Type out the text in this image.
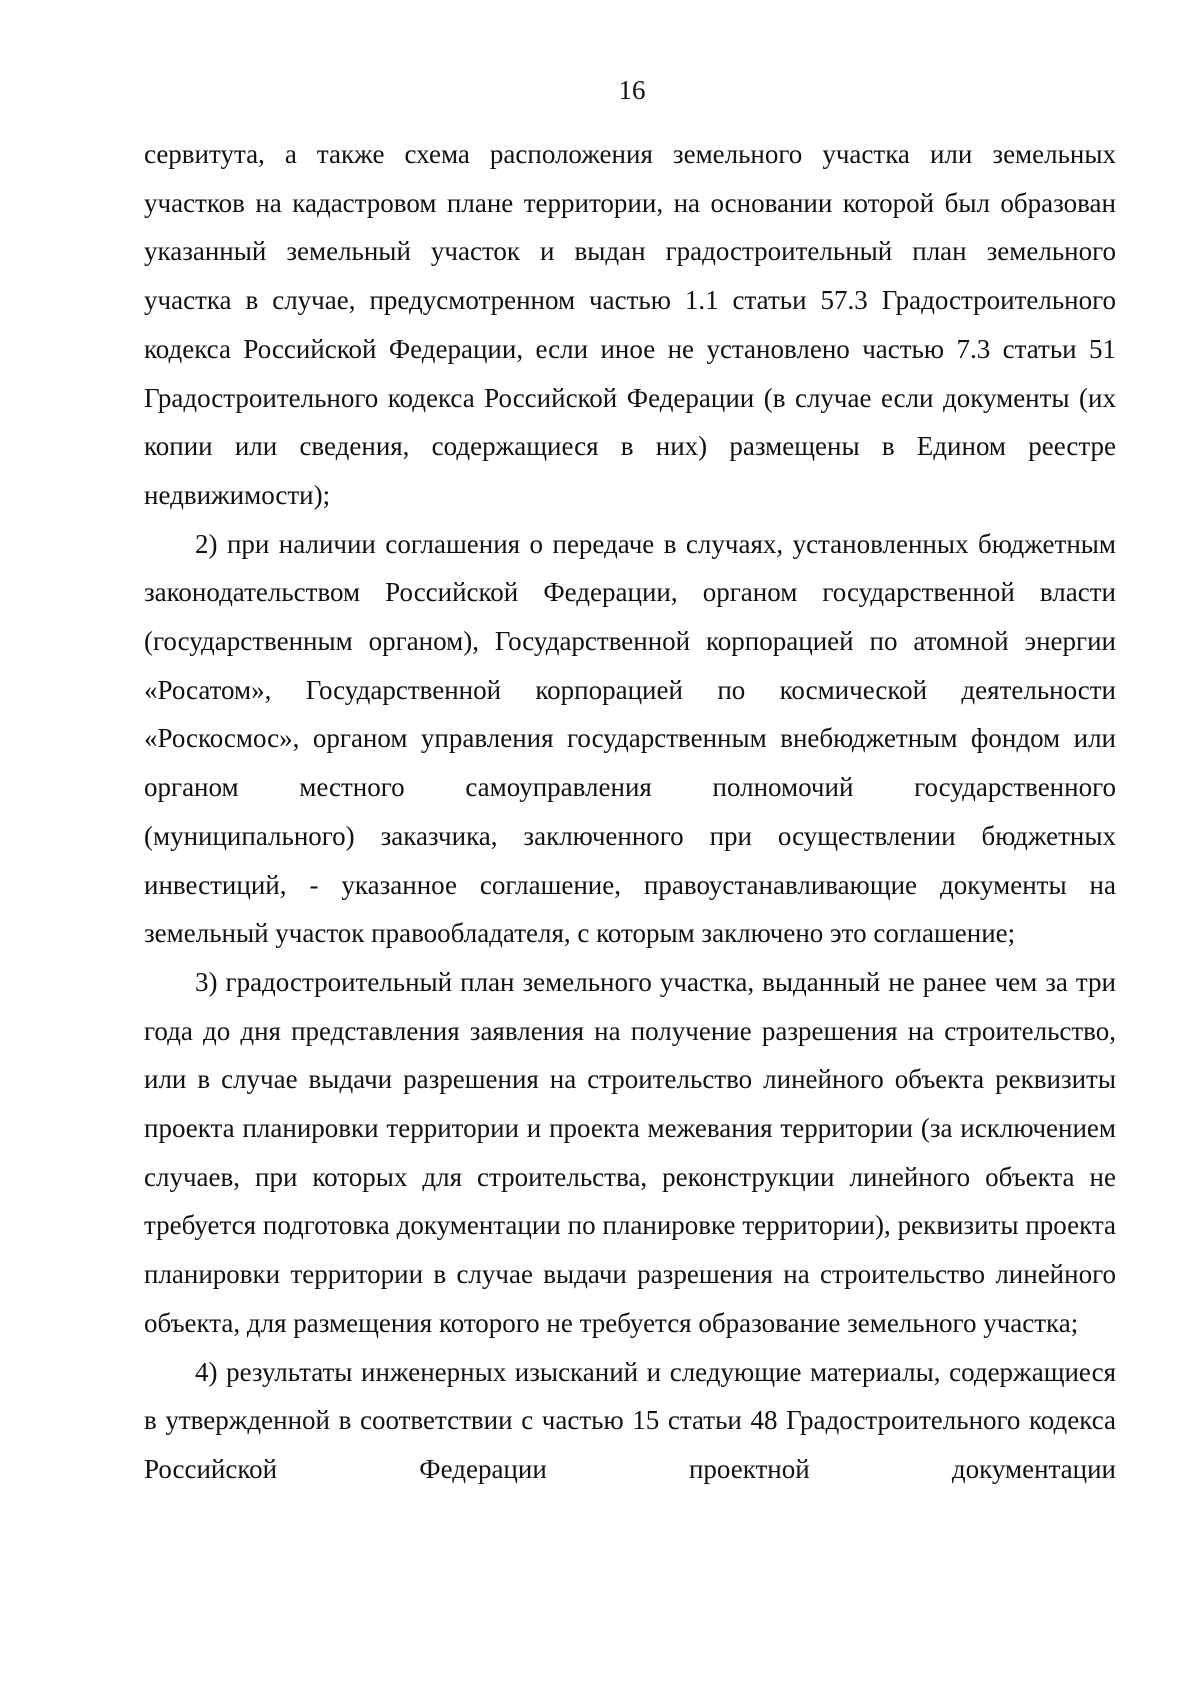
16

сервитута, а также схема расположения земельного участка или земельных участков на кадастровом плане территории, на основании которой был образован указанный земельный участок и выдан градостроительный план земельного участка в случае, предусмотренном частью 1.1 статьи 57.3 Градостроительного кодекса Российской Федерации, если иное не установлено частью 7.3 статьи 51 Градостроительного кодекса Российской Федерации (в случае если документы (их копии или сведения, содержащиеся в них) размещены в Едином реестре недвижимости);

2) при наличии соглашения о передаче в случаях, установленных бюджетным законодательством Российской Федерации, органом государственной власти (государственным органом), Государственной корпорацией по атомной энергии «Росатом», Государственной корпорацией по космической деятельности «Роскосмос», органом управления государственным внебюджетным фондом или органом местного самоуправления полномочий государственного (муниципального) заказчика, заключенного при осуществлении бюджетных инвестиций, - указанное соглашение, правоустанавливающие документы на земельный участок правообладателя, с которым заключено это соглашение;

3) градостроительный план земельного участка, выданный не ранее чем за три года до дня представления заявления на получение разрешения на строительство, или в случае выдачи разрешения на строительство линейного объекта реквизиты проекта планировки территории и проекта межевания территории (за исключением случаев, при которых для строительства, реконструкции линейного объекта не требуется подготовка документации по планировке территории), реквизиты проекта планировки территории в случае выдачи разрешения на строительство линейного объекта, для размещения которого не требуется образование земельного участка;

4) результаты инженерных изысканий и следующие материалы, содержащиеся в утвержденной в соответствии с частью 15 статьи 48 Градостроительного кодекса Российской Федерации проектной документации
